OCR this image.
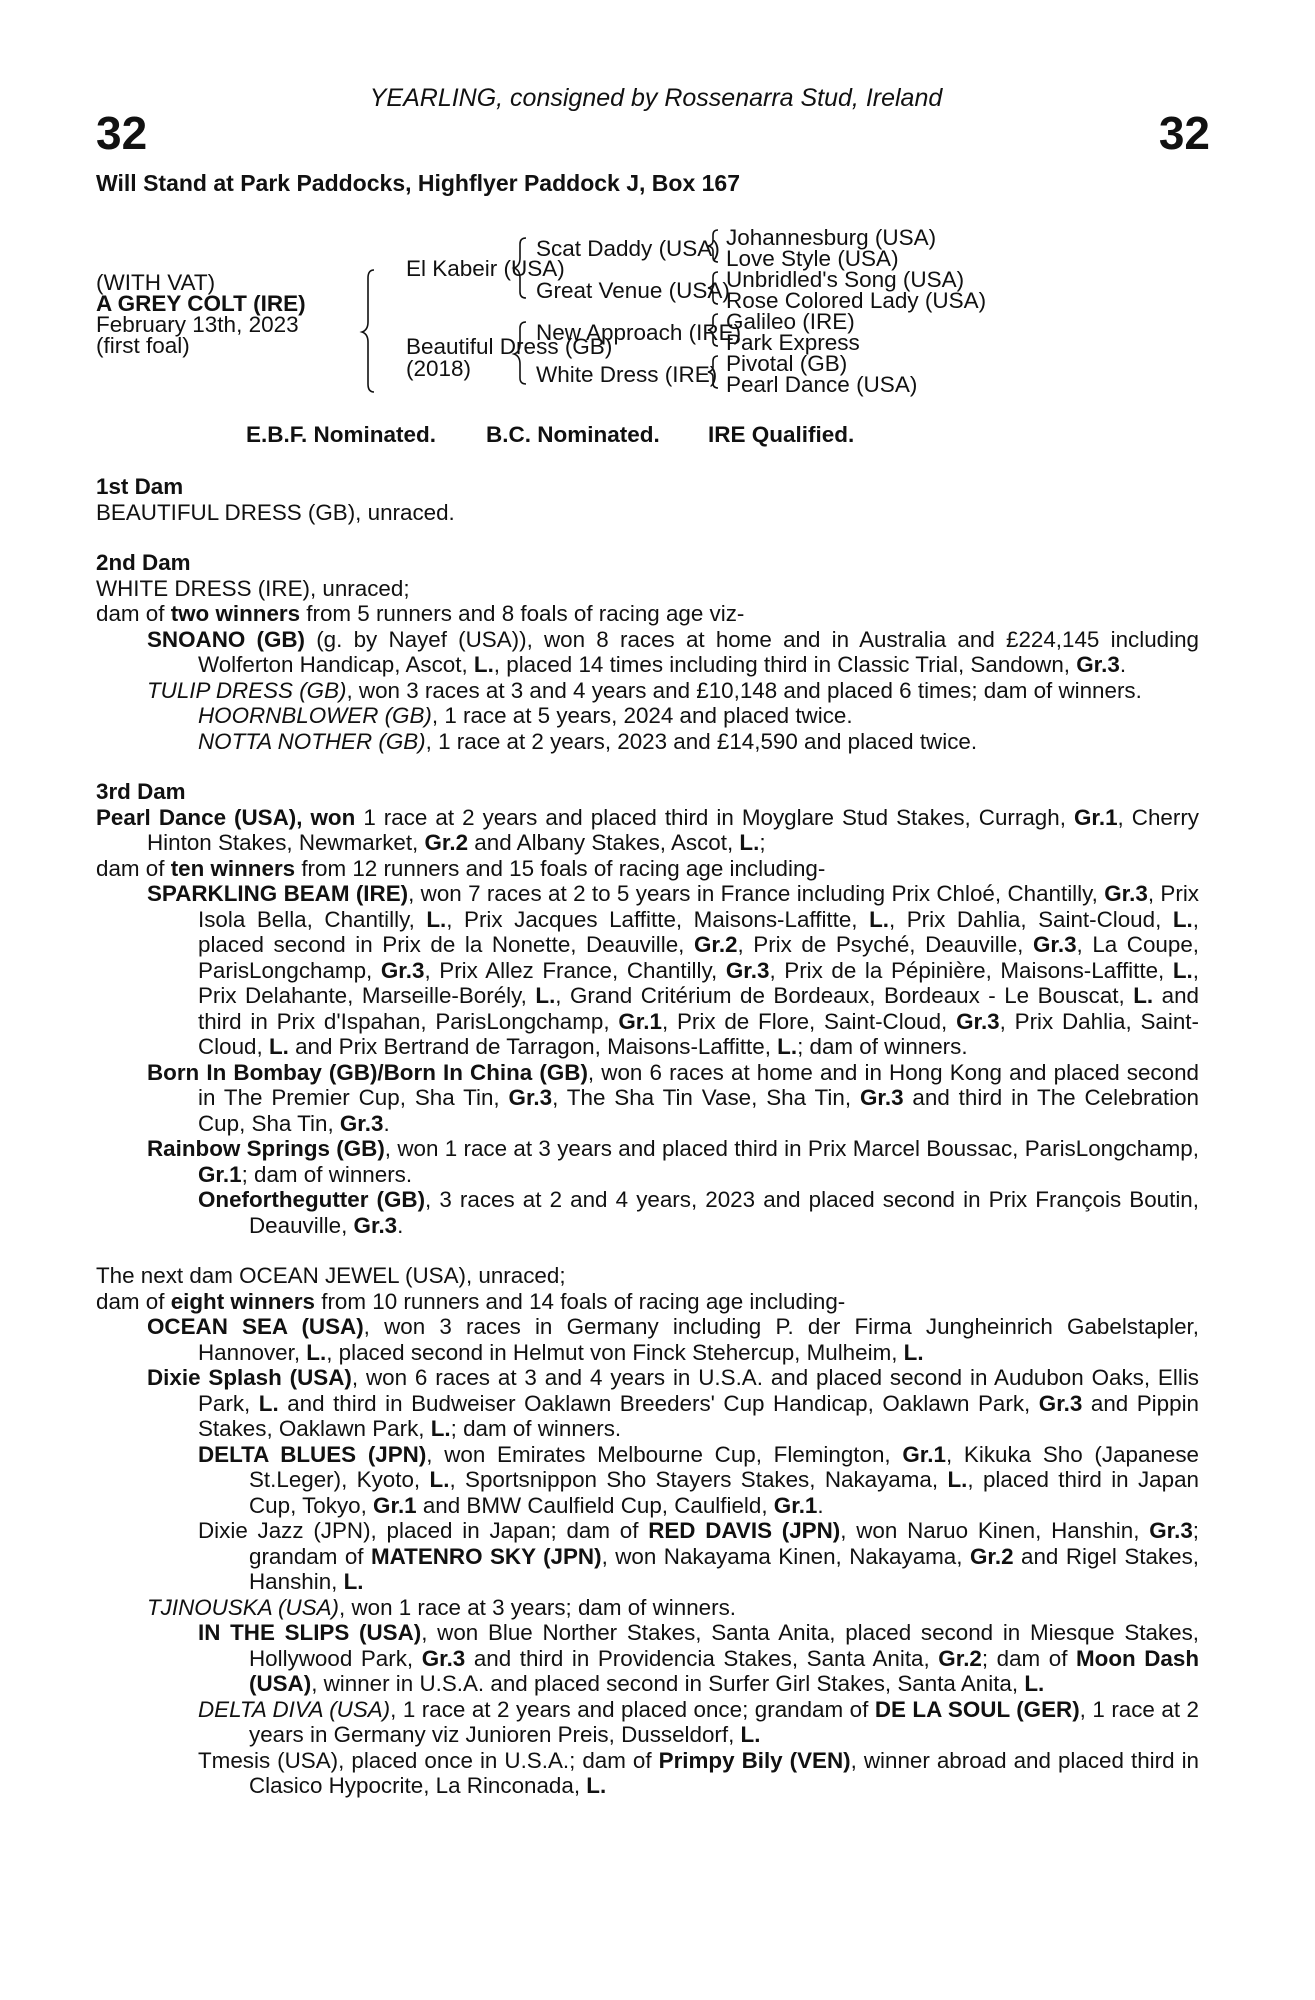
YEARLING, consigned by Rossenarra Stud, Ireland
32	32
Will Stand at Park Paddocks, Highflyer Paddock J, Box 167
(WITH VAT)
A GREY COLT (IRE)
February 13th, 2023
(first foal)
El Kabeir (USA)
Beautiful Dress (GB)
(2018)
Scat Daddy (USA)
Great Venue (USA)
New Approach (IRE)
White Dress (IRE)
Johannesburg (USA)
Love Style (USA)
Unbridled's Song (USA)
Rose Colored Lady (USA)
Galileo (IRE)
Park Express
Pivotal (GB)
Pearl Dance (USA)
E.B.F. Nominated. B.C. Nominated. IRE Qualified.

1st Dam

BEAUTIFUL DRESS (GB), unraced.

2nd Dam

WHITE DRESS (IRE), unraced;

dam of two winners from 5 runners and 8 foals of racing age viz-

SNOANO (GB) (g. by Nayef (USA)), won 8 races at home and in Australia and £224,145 including Wolferton Handicap, Ascot, L., placed 14 times including third in Classic Trial, Sandown, Gr.3.

TULIP DRESS (GB), won 3 races at 3 and 4 years and £10,148 and placed 6 times; dam of winners.

HOORNBLOWER (GB), 1 race at 5 years, 2024 and placed twice.

NOTTA NOTHER (GB), 1 race at 2 years, 2023 and £14,590 and placed twice.

3rd Dam

Pearl Dance (USA), won 1 race at 2 years and placed third in Moyglare Stud Stakes, Curragh, Gr.1, Cherry Hinton Stakes, Newmarket, Gr.2 and Albany Stakes, Ascot, L.;

dam of ten winners from 12 runners and 15 foals of racing age including-

SPARKLING BEAM (IRE), won 7 races at 2 to 5 years in France including Prix Chloé, Chantilly, Gr.3, Prix Isola Bella, Chantilly, L., Prix Jacques Laffitte, Maisons-Laffitte, L., Prix Dahlia, Saint-Cloud, L., placed second in Prix de la Nonette, Deauville, Gr.2, Prix de Psyché, Deauville, Gr.3, La Coupe, ParisLongchamp, Gr.3, Prix Allez France, Chantilly, Gr.3, Prix de la Pépinière, Maisons-Laffitte, L., Prix Delahante, Marseille-Borély, L., Grand Critérium de Bordeaux, Bordeaux - Le Bouscat, L. and third in Prix d'Ispahan, ParisLongchamp, Gr.1, Prix de Flore, Saint-Cloud, Gr.3, Prix Dahlia, Saint-Cloud, L. and Prix Bertrand de Tarragon, Maisons-Laffitte, L.; dam of winners.

Born In Bombay (GB)/Born In China (GB), won 6 races at home and in Hong Kong and placed second in The Premier Cup, Sha Tin, Gr.3, The Sha Tin Vase, Sha Tin, Gr.3 and third in The Celebration Cup, Sha Tin, Gr.3.

Rainbow Springs (GB), won 1 race at 3 years and placed third in Prix Marcel Boussac, ParisLongchamp, Gr.1; dam of winners.

Oneforthegutter (GB), 3 races at 2 and 4 years, 2023 and placed second in Prix François Boutin, Deauville, Gr.3.

The next dam OCEAN JEWEL (USA), unraced;

dam of eight winners from 10 runners and 14 foals of racing age including-

OCEAN SEA (USA), won 3 races in Germany including P. der Firma Jungheinrich Gabelstapler, Hannover, L., placed second in Helmut von Finck Stehercup, Mulheim, L.

Dixie Splash (USA), won 6 races at 3 and 4 years in U.S.A. and placed second in Audubon Oaks, Ellis Park, L. and third in Budweiser Oaklawn Breeders' Cup Handicap, Oaklawn Park, Gr.3 and Pippin Stakes, Oaklawn Park, L.; dam of winners.

DELTA BLUES (JPN), won Emirates Melbourne Cup, Flemington, Gr.1, Kikuka Sho (Japanese St.Leger), Kyoto, L., Sportsnippon Sho Stayers Stakes, Nakayama, L., placed third in Japan Cup, Tokyo, Gr.1 and BMW Caulfield Cup, Caulfield, Gr.1.

Dixie Jazz (JPN), placed in Japan; dam of RED DAVIS (JPN), won Naruo Kinen, Hanshin, Gr.3; grandam of MATENRO SKY (JPN), won Nakayama Kinen, Nakayama, Gr.2 and Rigel Stakes, Hanshin, L.

TJINOUSKA (USA), won 1 race at 3 years; dam of winners.

IN THE SLIPS (USA), won Blue Norther Stakes, Santa Anita, placed second in Miesque Stakes, Hollywood Park, Gr.3 and third in Providencia Stakes, Santa Anita, Gr.2; dam of Moon Dash (USA), winner in U.S.A. and placed second in Surfer Girl Stakes, Santa Anita, L.

DELTA DIVA (USA), 1 race at 2 years and placed once; grandam of DE LA SOUL (GER), 1 race at 2 years in Germany viz Junioren Preis, Dusseldorf, L.

Tmesis (USA), placed once in U.S.A.; dam of Primpy Bily (VEN), winner abroad and placed third in Clasico Hypocrite, La Rinconada, L.
